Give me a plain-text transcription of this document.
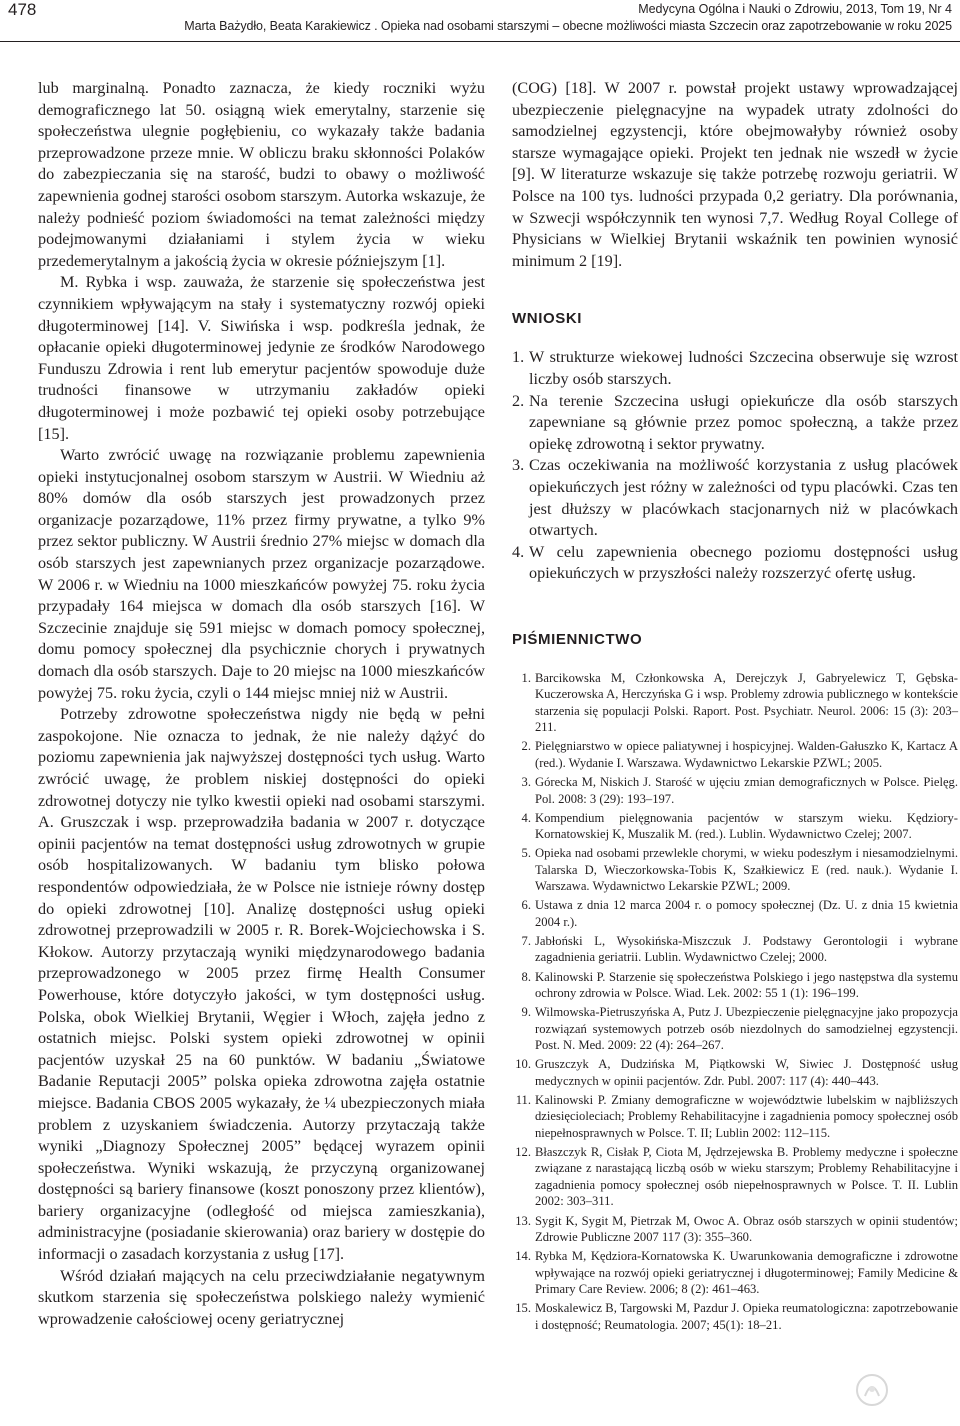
478	Medycyna Ogólna i Nauki o Zdrowiu, 2013, Tom 19, Nr 4
Marta Bażydło, Beata Karakiewicz . Opieka nad osobami starszymi – obecne możliwości miasta Szczecin oraz zapotrzebowanie w roku 2025

lub marginalną. Ponadto zaznacza, że kiedy roczniki wyżu demograficznego lat 50. osiągną wiek emerytalny, starzenie się społeczeństwa ulegnie pogłębieniu, co wykazały także badania przeprowadzone przeze mnie. W obliczu braku skłonności Polaków do zabezpieczania się na starość, budzi to obawy o możliwość zapewnienia godnej starości osobom starszym. Autorka wskazuje, że należy podnieść poziom świadomości na temat zależności między podejmowanymi działaniami i stylem życia w wieku przedemerytalnym a jakością życia w okresie późniejszym [1].

M. Rybka i wsp. zauważa, że starzenie się społeczeństwa jest czynnikiem wpływającym na stały i systematyczny rozwój opieki długoterminowej [14]. V. Siwińska i wsp. podkreśla jednak, że opłacanie opieki długoterminowej jedynie ze środków Narodowego Funduszu Zdrowia i rent lub emerytur pacjentów spowoduje duże trudności finansowe w utrzymaniu zakładów opieki długoterminowej i może pozbawić tej opieki osoby potrzebujące [15].

Warto zwrócić uwagę na rozwiązanie problemu zapewnienia opieki instytucjonalnej osobom starszym w Austrii. W Wiedniu aż 80% domów dla osób starszych jest prowadzonych przez organizacje pozarządowe, 11% przez firmy prywatne, a tylko 9% przez sektor publiczny. W Austrii średnio 27% miejsc w domach dla osób starszych jest zapewnianych przez organizacje pozarządowe. W 2006 r. w Wiedniu na 1000 mieszkańców powyżej 75. roku życia przypadały 164 miejsca w domach dla osób starszych [16]. W Szczecinie znajduje się 591 miejsc w domach pomocy społecznej, domu pomocy społecznej dla psychicznie chorych i prywatnych domach dla osób starszych. Daje to 20 miejsc na 1000 mieszkańców powyżej 75. roku życia, czyli o 144 miejsc mniej niż w Austrii.

Potrzeby zdrowotne społeczeństwa nigdy nie będą w pełni zaspokojone. Nie oznacza to jednak, że nie należy dążyć do poziomu zapewnienia jak najwyższej dostępności tych usług. Warto zwrócić uwagę, że problem niskiej dostępności do opieki zdrowotnej dotyczy nie tylko kwestii opieki nad osobami starszymi. A. Gruszczak i wsp. przeprowadziła badania w 2007 r. dotyczące opinii pacjentów na temat dostępności usług zdrowotnych w grupie osób hospitalizowanych. W badaniu tym blisko połowa respondentów odpowiedziała, że w Polsce nie istnieje równy dostęp do opieki zdrowotnej [10]. Analizę dostępności usług opieki zdrowotnej przeprowadzili w 2005 r. R. Borek-Wojciechowska i S. Kłokow. Autorzy przytaczają wyniki międzynarodowego badania przeprowadzonego w 2005 przez firmę Health Consumer Powerhouse, które dotyczyło jakości, w tym dostępności usług. Polska, obok Wielkiej Brytanii, Węgier i Włoch, zajęła jedno z ostatnich miejsc. Polski system opieki zdrowotnej w opinii pacjentów uzyskał 25 na 60 punktów. W badaniu „Światowe Badanie Reputacji 2005” polska opieka zdrowotna zajęła ostatnie miejsce. Badania CBOS 2005 wykazały, że ¼ ubezpieczonych miała problem z uzyskaniem świadczenia. Autorzy przytaczają także wyniki „Diagnozy Społecznej 2005” będącej wyrazem opinii społeczeństwa. Wyniki wskazują, że przyczyną organizowanej dostępności są bariery finansowe (koszt ponoszony przez klientów), bariery organizacyjne (odległość od miejsca zamieszkania), administracyjne (posiadanie skierowania) oraz bariery w dostępie do informacji o zasadach korzystania z usług [17].

Wśród działań mających na celu przeciwdziałanie negatywnym skutkom starzenia się społeczeństwa polskiego należy wymienić wprowadzenie całościowej oceny geriatrycznej

(COG) [18]. W 2007 r. powstał projekt ustawy wprowadzającej ubezpieczenie pielęgnacyjne na wypadek utraty zdolności do samodzielnej egzystencji, które obejmowałyby również osoby starsze wymagające opieki. Projekt ten jednak nie wszedł w życie [9]. W literaturze wskazuje się także potrzebę rozwoju geriatrii. W Polsce na 100 tys. ludności przypada 0,2 geriatry. Dla porównania, w Szwecji współczynnik ten wynosi 7,7. Według Royal College of Physicians w Wielkiej Brytanii wskaźnik ten powinien wynosić minimum 2 [19].

WNIOSKI
1. W strukturze wiekowej ludności Szczecina obserwuje się wzrost liczby osób starszych.
2. Na terenie Szczecina usługi opiekuńcze dla osób starszych zapewniane są głównie przez pomoc społeczną, a także przez opiekę zdrowotną i sektor prywatny.
3. Czas oczekiwania na możliwość korzystania z usług placówek opiekuńczych jest różny w zależności od typu placówki. Czas ten jest dłuższy w placówkach stacjonarnych niż w placówkach otwartych.
4. W celu zapewnienia obecnego poziomu dostępności usług opiekuńczych w przyszłości należy rozszerzyć ofertę usług.
PIŚMIENNICTWO
1. Barcikowska M, Członkowska A, Derejczyk J, Gabryelewicz T, Gębska-Kuczerowska A, Herczyńska G i wsp. Problemy zdrowia publicznego w kontekście starzenia się populacji Polski. Raport. Post. Psychiatr. Neurol. 2006: 15 (3): 203–211.
2. Pielęgniarstwo w opiece paliatywnej i hospicyjnej. Walden-Gałuszko K, Kartacz A (red.). Wydanie I. Warszawa. Wydawnictwo Lekarskie PZWL; 2005.
3. Górecka M, Niskich J. Starość w ujęciu zmian demograficznych w Polsce. Pielęg. Pol. 2008: 3 (29): 193–197.
4. Kompendium pielęgnowania pacjentów w starszym wieku. Kędziory-Kornatowskiej K, Muszalik M. (red.). Lublin. Wydawnictwo Czelej; 2007.
5. Opieka nad osobami przewlekle chorymi, w wieku podeszłym i niesamodzielnymi. Talarska D, Wieczorkowska-Tobis K, Szałkiewicz E (red. nauk.). Wydanie I. Warszawa. Wydawnictwo Lekarskie PZWL; 2009.
6. Ustawa z dnia 12 marca 2004 r. o pomocy społecznej (Dz. U. z dnia 15 kwietnia 2004 r.).
7. Jabłoński L, Wysokińska-Miszczuk J. Podstawy Gerontologii i wybrane zagadnienia geriatrii. Lublin. Wydawnictwo Czelej; 2000.
8. Kalinowski P. Starzenie się społeczeństwa Polskiego i jego następstwa dla systemu ochrony zdrowia w Polsce. Wiad. Lek. 2002: 55 1 (1): 196–199.
9. Wilmowska-Pietruszyńska A, Putz J. Ubezpieczenie pielęgnacyjne jako propozycja rozwiązań systemowych potrzeb osób niezdolnych do samodzielnej egzystencji. Post. N. Med. 2009: 22 (4): 264–267.
10. Gruszczyk A, Dudzińska M, Piątkowski W, Siwiec J. Dostępność usług medycznych w opinii pacjentów. Zdr. Publ. 2007: 117 (4): 440–443.
11. Kalinowski P. Zmiany demograficzne w województwie lubelskim w najbliższych dziesięcioleciach; Problemy Rehabilitacyjne i zagadnienia pomocy społecznej osób niepełnosprawnych w Polsce. T. II; Lublin 2002: 112–115.
12. Błaszczyk R, Cisłak P, Ciota M, Jędrzejewska B. Problemy medyczne i społeczne związane z narastającą liczbą osób w wieku starszym; Problemy Rehabilitacyjne i zagadnienia pomocy społecznej osób niepełnosprawnych w Polsce. T. II. Lublin 2002: 303–311.
13. Sygit K, Sygit M, Pietrzak M, Owoc A. Obraz osób starszych w opinii studentów; Zdrowie Publiczne 2007 117 (3): 355–360.
14. Rybka M, Kędziora-Kornatowska K. Uwarunkowania demograficzne i zdrowotne wpływające na rozwój opieki geriatrycznej i długoterminowej; Family Medicine & Primary Care Review. 2006; 8 (2): 461–463.
15. Moskalewicz B, Targowski M, Pazdur J. Opieka reumatologiczna: zapotrzebowanie i dostępność; Reumatologia. 2007; 45(1): 18–21.
